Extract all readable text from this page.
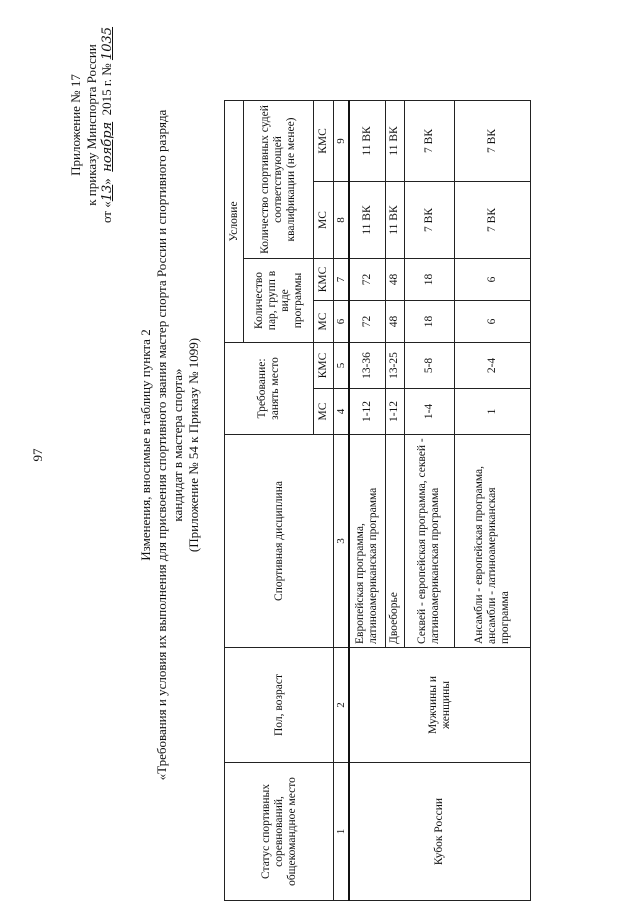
97
Приложение № 17 к приказу Минспорта России
от «13»  ноября  2015 г. № 1035
Изменения, вносимые в таблицу пункта 2 «Требования и условия их выполнения для присвоения спортивного звания мастер спорта России и спортивного разряда кандидат в мастера спорта» (Приложение № 54 к Приказу № 1099)
Статус спортивных соревнований, общекомандное место	Пол, возраст	Спортивная дисциплина	Требование: занять место		Условие			
					Количество пар, групп в виде программы		Количество спортивных судей соответствующей квалификации (не менее)	
			МС	КМС	МС	КМС	МС	КМС
1	2	3	4	5	6	7	8	9
Кубок России	Мужчины и женщины	Европейская программа, латиноамериканская программа	1-12	13-36	72	72	11 ВК	11 ВК
		Двоеборье	1-12	13-25	48	48	11 ВК	11 ВК
		Секвей - европейская программа, секвей - латиноамериканская программа	1-4	5-8	18	18	7 ВК	7 ВК
		Ансамбли - европейская программа, ансамбли - латиноамериканская программа	1	2-4	6	6	7 ВК	7 ВК
